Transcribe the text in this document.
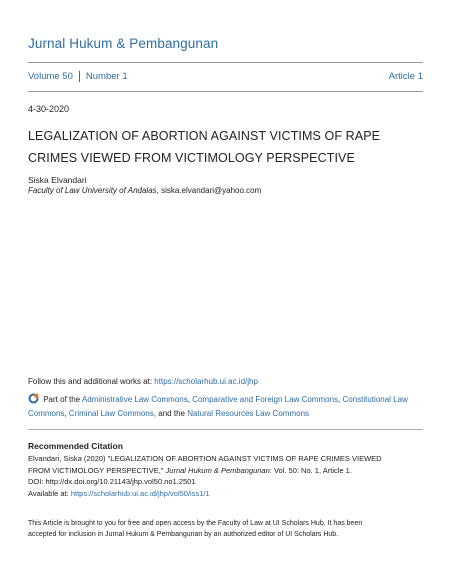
Jurnal Hukum & Pembangunan
Volume 50 Number 1	Article 1
4-30-2020
LEGALIZATION OF ABORTION AGAINST VICTIMS OF RAPE
CRIMES VIEWED FROM VICTIMOLOGY PERSPECTIVE
Siska Elvandari
Faculty of Law University of Andalas, siska.elvandari@yahoo.com
Follow this and additional works at: https://scholarhub.ui.ac.id/jhp
Part of the Administrative Law Commons, Comparative and Foreign Law Commons, Constitutional Law Commons, Criminal Law Commons, and the Natural Resources Law Commons
Recommended Citation
Elvandari, Siska (2020) "LEGALIZATION OF ABORTION AGAINST VICTIMS OF RAPE CRIMES VIEWED
FROM VICTIMOLOGY PERSPECTIVE," Jurnal Hukum & Pembangunan: Vol. 50: No. 1, Article 1.
DOI: http://dx.doi.org/10.21143/jhp.vol50.no1.2501
Available at: https://scholarhub.ui.ac.id/jhp/vol50/iss1/1
This Article is brought to you for free and open access by the Faculty of Law at UI Scholars Hub. It has been
accepted for inclusion in Jurnal Hukum & Pembangunan by an authorized editor of UI Scholars Hub.
